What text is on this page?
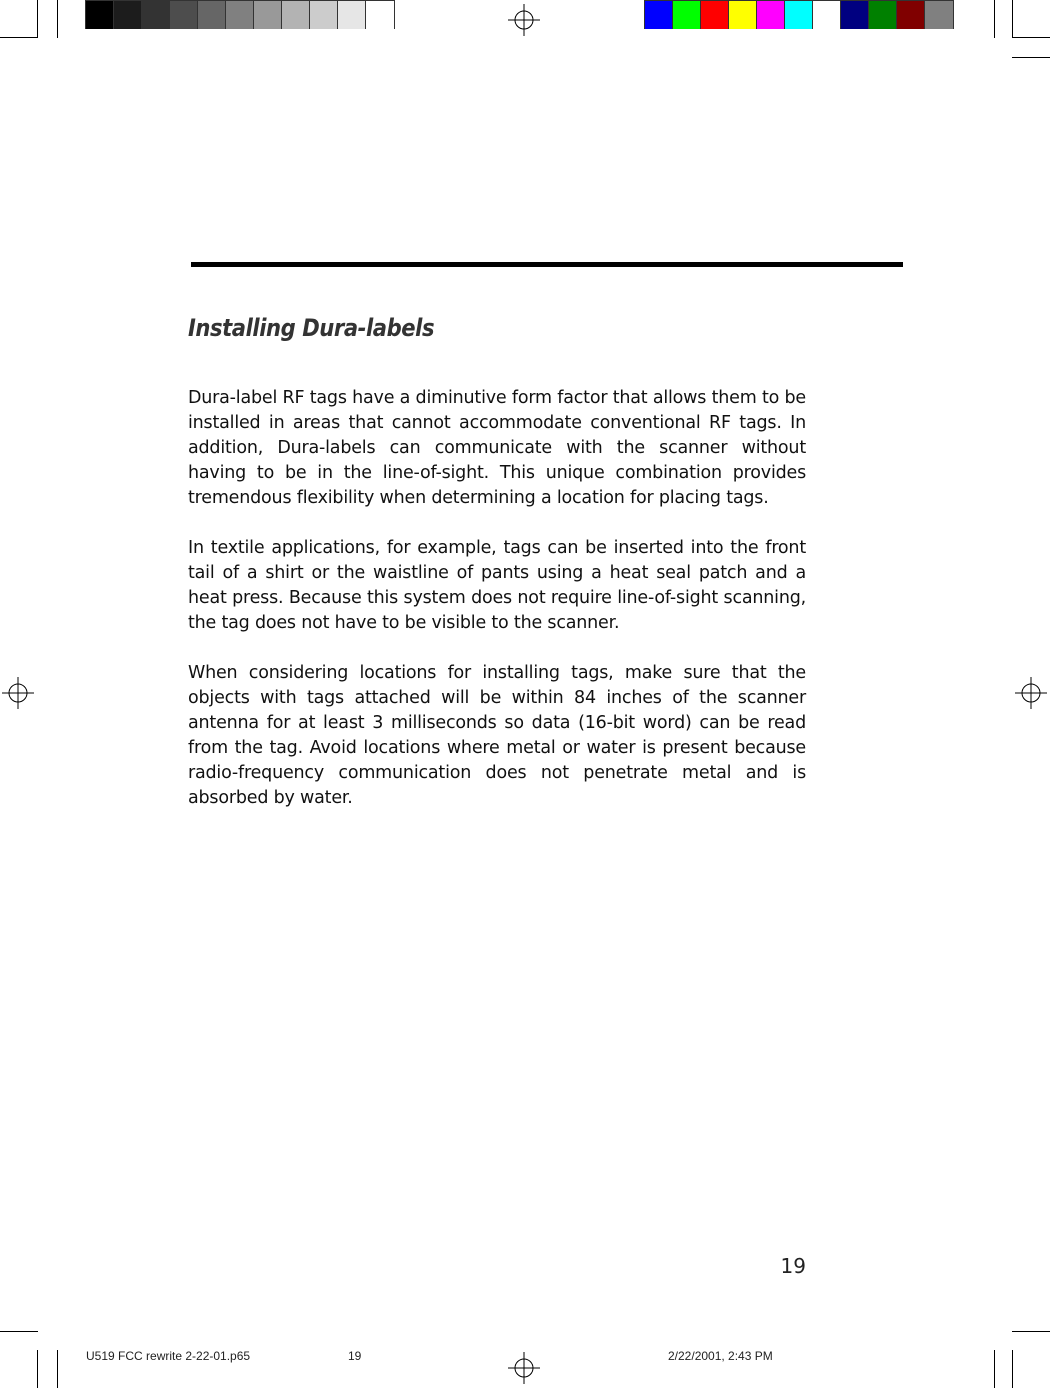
Installing Dura-labels

Dura-label RF tags have a diminutive form factor that allows them to be installed in areas that cannot accommodate conventional RF tags. In addition, Dura-labels can communicate with the scanner without having to be in the line-of-sight. This unique combination provides tremendous flexibility when determining a location for placing tags.

In textile applications, for example, tags can be inserted into the front tail of a shirt or the waistline of pants using a heat seal patch and a heat press. Because this system does not require line-of-sight scanning, the tag does not have to be visible to the scanner.

When considering locations for installing tags, make sure that the objects with tags attached will be within 84 inches of the scanner antenna for at least 3 milliseconds so data (16-bit word) can be read from the tag. Avoid locations where metal or water is present because radio-frequency communication does not penetrate metal and is absorbed by water.

19
U519 FCC rewrite 2-22-01.p65	19	2/22/2001, 2:43 PM
